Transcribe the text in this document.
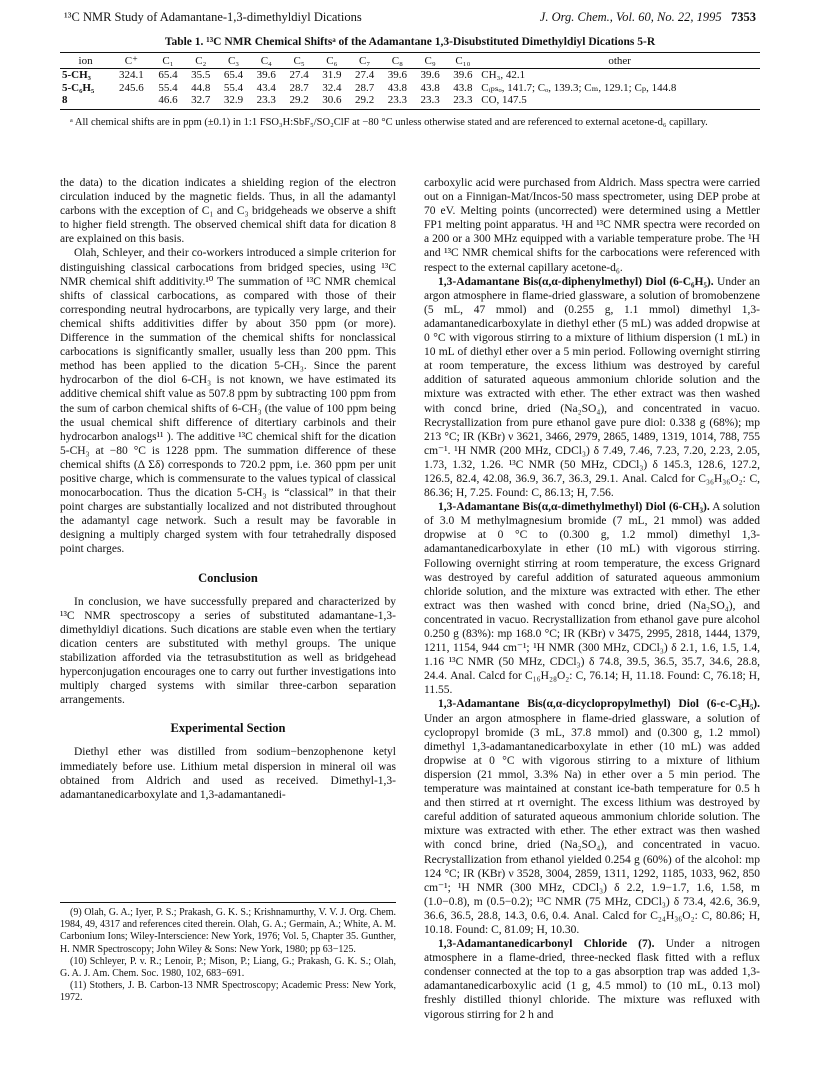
¹³C NMR Study of Adamantane-1,3-dimethyldiyl Dications	J. Org. Chem., Vol. 60, No. 22, 1995 7353
Table 1. ¹³C NMR Chemical Shiftsᵃ of the Adamantane 1,3-Disubstituted Dimethyldiyl Dications 5-R
ion	C⁺	C₁	C₂	C₃	C₄	C₅	C₆	C₇	C₈	C₉	C₁₀	other
5-CH₃	324.1	65.4	35.5	65.4	39.6	27.4	31.9	27.4	39.6	39.6	39.6	CH₃, 42.1
5-C₆H₅	245.6	55.4	44.8	55.4	43.4	28.7	32.4	28.7	43.8	43.8	43.8	Cᵢₚₛₒ, 141.7; Cₒ, 139.3; Cₘ, 129.1; Cₚ, 144.8
8		46.6	32.7	32.9	23.3	29.2	30.6	29.2	23.3	23.3	23.3	CO, 147.5
ᵃ All chemical shifts are in ppm (±0.1) in 1:1 FSO₃H:SbF₅/SO₂ClF at −80 °C unless otherwise stated and are referenced to external acetone-d₆ capillary.

the data) to the dication indicates a shielding region of the electron circulation induced by the magnetic fields. Thus, in all the adamantyl carbons with the exception of C₁ and C₃ bridgeheads we observe a shift to higher field strength. The observed chemical shift data for dication 8 are explained on this basis.

Olah, Schleyer, and their co-workers introduced a simple criterion for distinguishing classical carbocations from bridged species, using ¹³C NMR chemical shift additivity.¹⁰ The summation of ¹³C NMR chemical shifts of classical carbocations, as compared with those of their corresponding neutral hydrocarbons, are typically very large, and their chemical shifts additivities differ by about 350 ppm (or more). Difference in the summation of the chemical shifts for nonclassical carbocations is significantly smaller, usually less than 200 ppm. This method has been applied to the dication 5-CH₃. Since the parent hydrocarbon of the diol 6-CH₃ is not known, we have estimated its additive chemical shift value as 507.8 ppm by subtracting 100 ppm from the sum of carbon chemical shifts of 6-CH₃ (the value of 100 ppm being the usual chemical shift difference of ditertiary carbinols and their hydrocarbon analogs¹¹ ). The additive ¹³C chemical shift for the dication 5-CH₃ at −80 °C is 1228 ppm. The summation difference of these chemical shifts (Δ Σδ) corresponds to 720.2 ppm, i.e. 360 ppm per unit positive charge, which is commensurate to the values typical of classical monocarbocation. Thus the dication 5-CH₃ is “classical” in that their point charges are substantially localized and not distributed throughout the adamantyl cage network. Such a result may be favorable in designing a multiply charged system with four tetrahedrally disposed point charges.

Conclusion

In conclusion, we have successfully prepared and characterized by ¹³C NMR spectroscopy a series of substituted adamantane-1,3-dimethyldiyl dications. Such dications are stable even when the tertiary dication centers are substituted with methyl groups. The unique stabilization afforded via the tetrasubstitution as well as bridgehead hyperconjugation encourages one to carry out further investigations into multiply charged systems with similar three-carbon separation arrangements.

Experimental Section

Diethyl ether was distilled from sodium−benzophenone ketyl immediately before use. Lithium metal dispersion in mineral oil was obtained from Aldrich and used as received. Dimethyl-1,3-adamantanedicarboxylate and 1,3-adamantanedi-

(9) Olah, G. A.; Iyer, P. S.; Prakash, G. K. S.; Krishnamurthy, V. V. J. Org. Chem. 1984, 49, 4317 and references cited therein. Olah, G. A.; Germain, A.; White, A. M. Carbonium Ions; Wiley-Interscience: New York, 1976; Vol. 5, Chapter 35. Gunther, H. NMR Spectroscopy; John Wiley & Sons: New York, 1980; pp 63−125.

(10) Schleyer, P. v. R.; Lenoir, P.; Mison, P.; Liang, G.; Prakash, G. K. S.; Olah, G. A. J. Am. Chem. Soc. 1980, 102, 683−691.

(11) Stothers, J. B. Carbon-13 NMR Spectroscopy; Academic Press: New York, 1972.

carboxylic acid were purchased from Aldrich. Mass spectra were carried out on a Finnigan-Mat/Incos-50 mass spectrometer, using DEP probe at 70 eV. Melting points (uncorrected) were determined using a Mettler FP1 melting point apparatus. ¹H and ¹³C NMR spectra were recorded on a 200 or a 300 MHz equipped with a variable temperature probe. The ¹H and ¹³C NMR chemical shifts for the carbocations were referenced with respect to the external capillary acetone-d₆.

1,3-Adamantane Bis(α,α-diphenylmethyl) Diol (6-C₆H₅). Under an argon atmosphere in flame-dried glassware, a solution of bromobenzene (5 mL, 47 mmol) and (0.255 g, 1.1 mmol) dimethyl 1,3-adamantanedicarboxylate in diethyl ether (5 mL) was added dropwise at 0 °C with vigorous stirring to a mixture of lithium dispersion (1 mL) in 10 mL of diethyl ether over a 5 min period. Following overnight stirring at room temperature, the excess lithium was destroyed by careful addition of saturated aqueous ammonium chloride solution and the mixture was extracted with ether. The ether extract was then washed with concd brine, dried (Na₂SO₄), and concentrated in vacuo. Recrystallization from pure ethanol gave pure diol: 0.338 g (68%); mp 213 °C; IR (KBr) ν 3621, 3466, 2979, 2865, 1489, 1319, 1014, 788, 755 cm⁻¹. ¹H NMR (200 MHz, CDCl₃) δ 7.49, 7.46, 7.23, 7.20, 2.23, 2.05, 1.73, 1.32, 1.26. ¹³C NMR (50 MHz, CDCl₃) δ 145.3, 128.6, 127.2, 126.5, 82.4, 42.08, 36.9, 36.7, 36.3, 29.1. Anal. Calcd for C₃₆H₃₆O₂: C, 86.36; H, 7.25. Found: C, 86.13; H, 7.56.

1,3-Adamantane Bis(α,α-dimethylmethyl) Diol (6-CH₃). A solution of 3.0 M methylmagnesium bromide (7 mL, 21 mmol) was added dropwise at 0 °C to (0.300 g, 1.2 mmol) dimethyl 1,3-adamantanedicarboxylate in ether (10 mL) with vigorous stirring. Following overnight stirring at room temperature, the excess Grignard was destroyed by careful addition of saturated aqueous ammonium chloride solution, and the mixture was extracted with ether. The ether extract was then washed with concd brine, dried (Na₂SO₄), and concentrated in vacuo. Recrystallization from ethanol gave pure alcohol 0.250 g (83%): mp 168.0 °C; IR (KBr) ν 3475, 2995, 2818, 1444, 1379, 1211, 1154, 944 cm⁻¹; ¹H NMR (300 MHz, CDCl₃) δ 2.1, 1.6, 1.5, 1.4, 1.16 ¹³C NMR (50 MHz, CDCl₃) δ 74.8, 39.5, 36.5, 35.7, 34.6, 28.8, 24.4. Anal. Calcd for C₁₆H₂₈O₂: C, 76.14; H, 11.18. Found: C, 76.18; H, 11.55.

1,3-Adamantane Bis(α,α-dicyclopropylmethyl) Diol (6-c-C₃H₅). Under an argon atmosphere in flame-dried glassware, a solution of cyclopropyl bromide (3 mL, 37.8 mmol) and (0.300 g, 1.2 mmol) dimethyl 1,3-adamantanedicarboxylate in ether (10 mL) was added dropwise at 0 °C with vigorous stirring to a mixture of lithium dispersion (21 mmol, 3.3% Na) in ether over a 5 min period. The temperature was maintained at constant ice-bath temperature for 0.5 h and then stirred at rt overnight. The excess lithium was destroyed by careful addition of saturated aqueous ammonium chloride solution. The mixture was extracted with ether. The ether extract was then washed with concd brine, dried (Na₂SO₄), and concentrated in vacuo. Recrystallization from ethanol yielded 0.254 g (60%) of the alcohol: mp 124 °C; IR (KBr) ν 3528, 3004, 2859, 1311, 1292, 1185, 1033, 962, 850 cm⁻¹; ¹H NMR (300 MHz, CDCl₃) δ 2.2, 1.9−1.7, 1.6, 1.58, m (1.0−0.8), m (0.5−0.2); ¹³C NMR (75 MHz, CDCl₃) δ 73.4, 42.6, 36.9, 36.6, 36.5, 28.8, 14.3, 0.6, 0.4. Anal. Calcd for C₂₄H₃₆O₂: C, 80.86; H, 10.18. Found: C, 81.09; H, 10.30.

1,3-Adamantanedicarbonyl Chloride (7). Under a nitrogen atmosphere in a flame-dried, three-necked flask fitted with a reflux condenser connected at the top to a gas absorption trap was added 1,3-adamantanedicarboxylic acid (1 g, 4.5 mmol) to (10 mL, 0.13 mol) freshly distilled thionyl chloride. The mixture was refluxed with vigorous stirring for 2 h and
